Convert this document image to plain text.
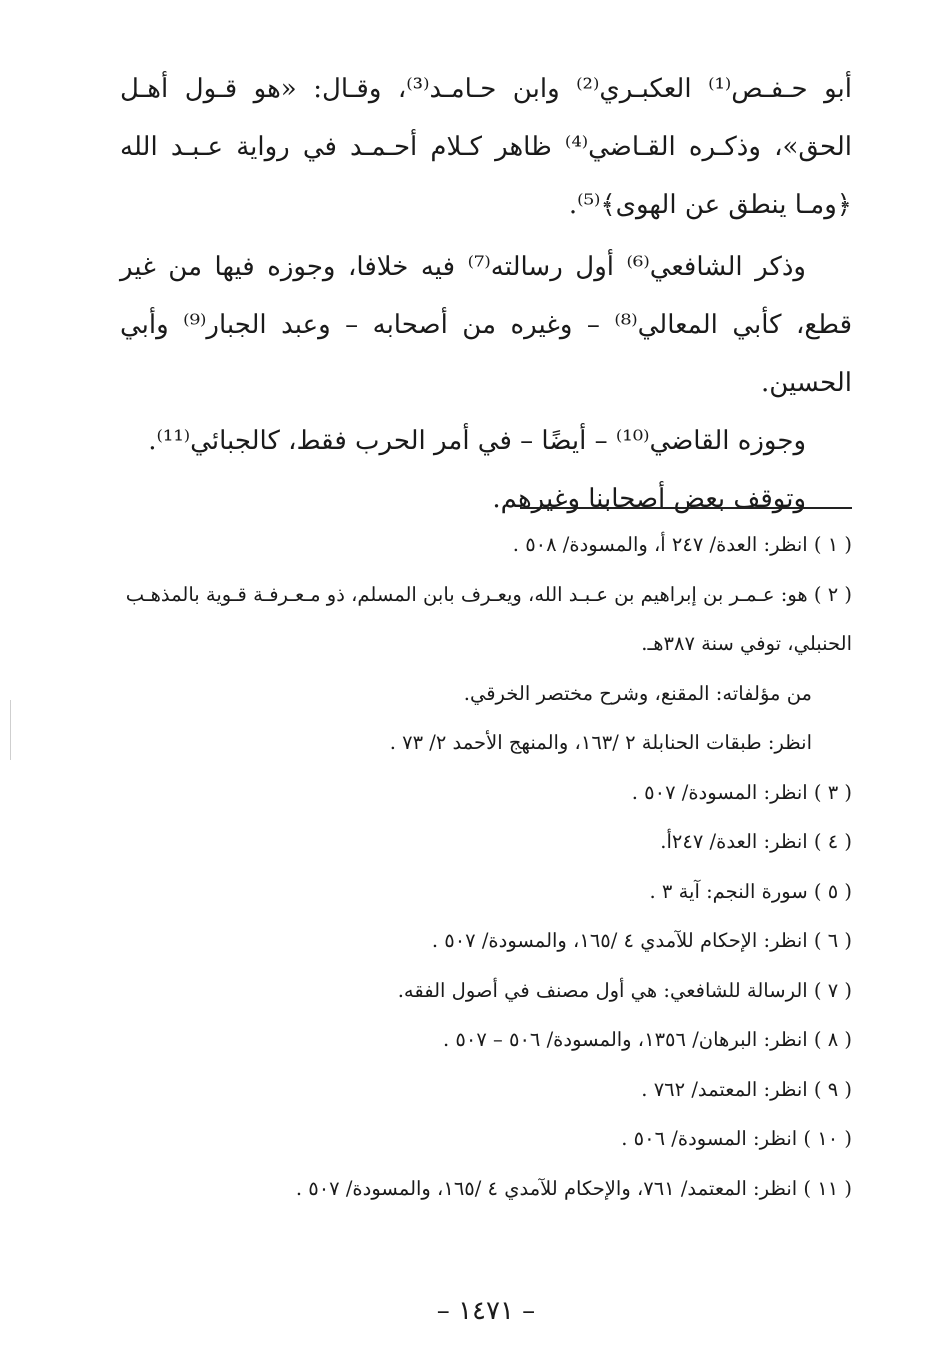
أبو حـفـص⁽¹⁾ العكبـري⁽²⁾ وابن حـامـد⁽³⁾، وقـال: «هو قـول أهـل الحق»، وذكـره القـاضي⁽⁴⁾ ظاهر كـلام أحـمـد في رواية عـبـد الله ﴿ومـا ينطق عن الهوى﴾⁽⁵⁾.

وذكر الشافعي⁽⁶⁾ أول رسالته⁽⁷⁾ فيه خلافا، وجوزه فيها من غير قطع، كأبي المعالي⁽⁸⁾ – وغيره من أصحابه – وعبد الجبار⁽⁹⁾ وأبي الحسين.

وجوزه القاضي⁽¹⁰⁾ – أيضًا – في أمر الحرب فقط، كالجبائي⁽¹¹⁾.

وتوقف بعض أصحابنا وغيرهم.

( ١ ) انظر: العدة/ ٢٤٧ أ، والمسودة/ ٥٠٨ .

( ٢ ) هو: عـمـر بن إبراهيم بن عـبـد الله، ويعـرف بابن المسلم، ذو مـعـرفـة قـوية بالمذهـب الحنبلي، توفي سنة ٣٨٧هـ.

من مؤلفاته: المقنع، وشرح مختصر الخرقي.

انظر: طبقات الحنابلة ٢ /١٦٣، والمنهج الأحمد ٢/ ٧٣ .

( ٣ ) انظر: المسودة/ ٥٠٧ .

( ٤ ) انظر: العدة/ ٢٤٧أ.

( ٥ ) سورة النجم: آية ٣ .

( ٦ ) انظر: الإحكام للآمدي ٤ /١٦٥، والمسودة/ ٥٠٧ .

( ٧ ) الرسالة للشافعي: هي أول مصنف في أصول الفقه.

( ٨ ) انظر: البرهان/ ١٣٥٦، والمسودة/ ٥٠٦ – ٥٠٧ .

( ٩ ) انظر: المعتمد/ ٧٦٢ .

( ١٠ ) انظر: المسودة/ ٥٠٦ .

( ١١ ) انظر: المعتمد/ ٧٦١، والإحكام للآمدي ٤ /١٦٥، والمسودة/ ٥٠٧ .

– ١٤٧١ –
